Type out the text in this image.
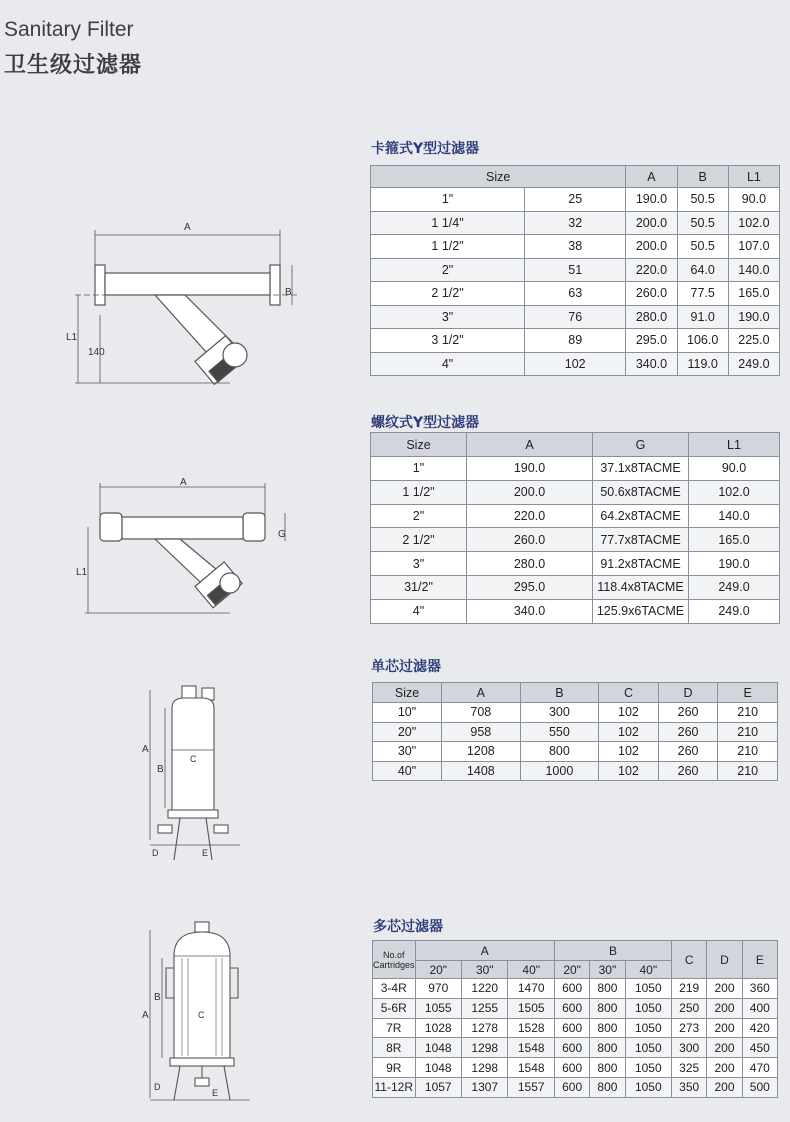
Sanitary Filter
卫生级过滤器
卡箍式Y型过滤器
Size		A	B	L1
1"	25	190.0	50.5	90.0
1 1/4"	32	200.0	50.5	102.0
1 1/2"	38	200.0	50.5	107.0
2"	51	220.0	64.0	140.0
2 1/2"	63	260.0	77.5	165.0
3"	76	280.0	91.0	190.0
3 1/2"	89	295.0	106.0	225.0
4"	102	340.0	119.0	249.0
螺纹式Y型过滤器
Size	A	G	L1
1"	190.0	37.1x8TACME	90.0
1 1/2"	200.0	50.6x8TACME	102.0
2"	220.0	64.2x8TACME	140.0
2 1/2"	260.0	77.7x8TACME	165.0
3"	280.0	91.2x8TACME	190.0
31/2"	295.0	118.4x8TACME	249.0
4"	340.0	125.9x6TACME	249.0
单芯过滤器
Size	A	B	C	D	E
10"	708	300	102	260	210
20"	958	550	102	260	210
30"	1208	800	102	260	210
40"	1408	1000	102	260	210
多芯过滤器
No.of Cartridges	A			B			C	D	E
	20"	30"	40"	20"	30"	40"			
3-4R	970	1220	1470	600	800	1050	219	200	360
5-6R	1055	1255	1505	600	800	1050	250	200	400
7R	1028	1278	1528	600	800	1050	273	200	420
8R	1048	1298	1548	600	800	1050	300	200	450
9R	1048	1298	1548	600	800	1050	325	200	470
11-12R	1057	1307	1557	600	800	1050	350	200	500
A
B
L1
140
A
G
L1
A
B
C
D	E
A
B
C
D
E
